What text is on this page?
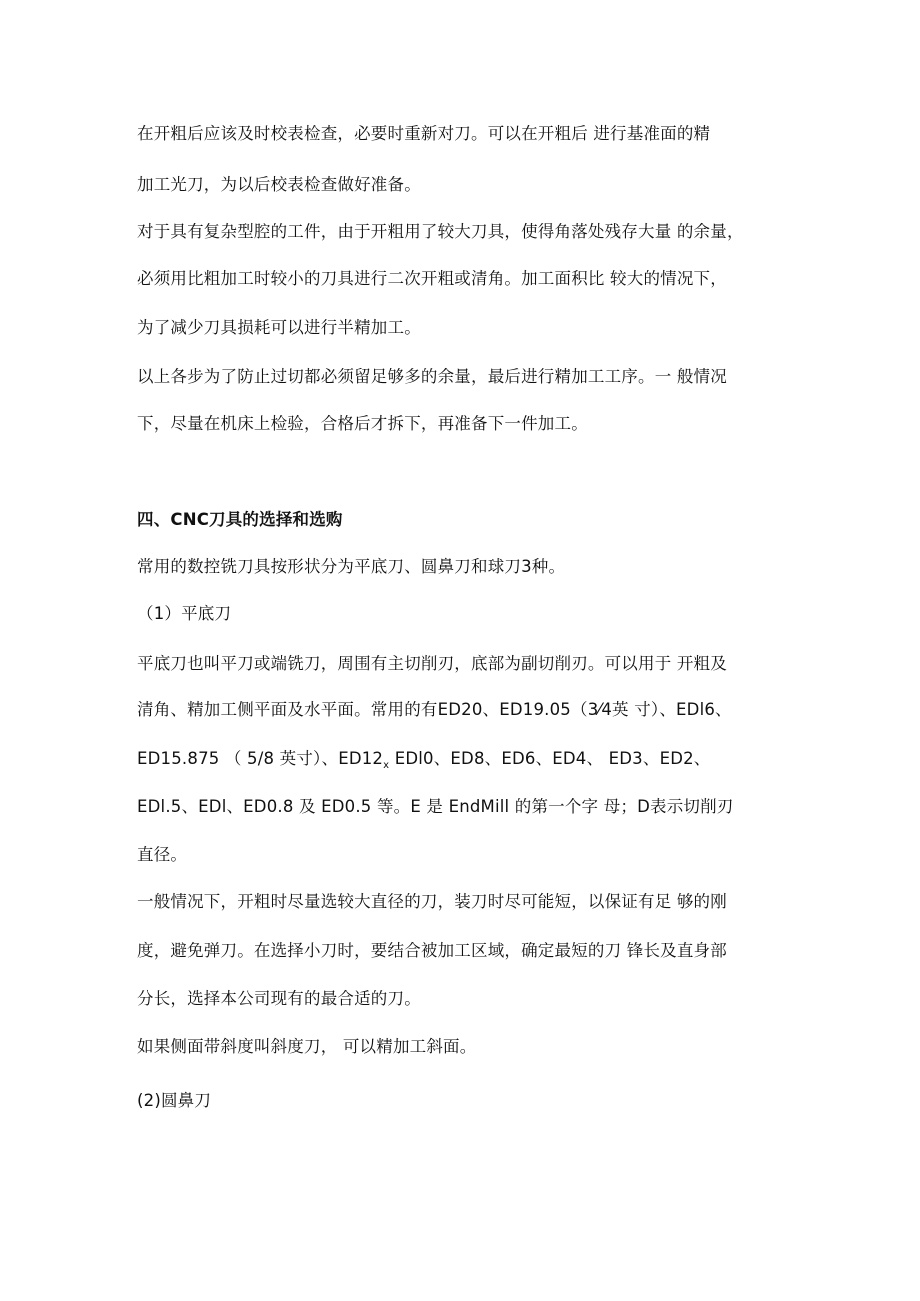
在开粗后应该及时校表检查，必要时重新对刀。可以在开粗后 进行基准面的精

加工光刀，为以后校表检查做好准备。

对于具有复杂型腔的工件，由于开粗用了较大刀具，使得角落处残存大量 的余量，

必须用比粗加工时较小的刀具进行二次开粗或清角。加工面积比 较大的情况下，

为了减少刀具损耗可以进行半精加工。

以上各步为了防止过切都必须留足够多的余量，最后进行精加工工序。一 般情况

下，尽量在机床上检验，合格后才拆下，再准备下一件加工。

四、CNC刀具的选择和选购

常用的数控铣刀具按形状分为平底刀、圆鼻刀和球刀3种。

（1）平底刀

平底刀也叫平刀或端铣刀，周围有主切削刃，底部为副切削刃。可以用于 开粗及

清角、精加工侧平面及水平面。常用的有ED20、ED19.05（3⁄4英 寸）、EDl6、

ED15.875 （ 5/8 英寸）、$ED12_x$ EDl0、ED8、ED6、ED4、 ED3、ED2、

EDl.5、EDl、ED0.8 及 ED0.5 等。E 是 EndMill 的第一个字 母；D表示切削刃

直径。

一般情况下，开粗时尽量选较大直径的刀，装刀时尽可能短，以保证有足 够的刚

度，避免弹刀。在选择小刀时，要结合被加工区域，确定最短的刀 锋长及直身部

分长，选择本公司现有的最合适的刀。

如果侧面带斜度叫斜度刀， 可以精加工斜面。

(2)圆鼻刀
